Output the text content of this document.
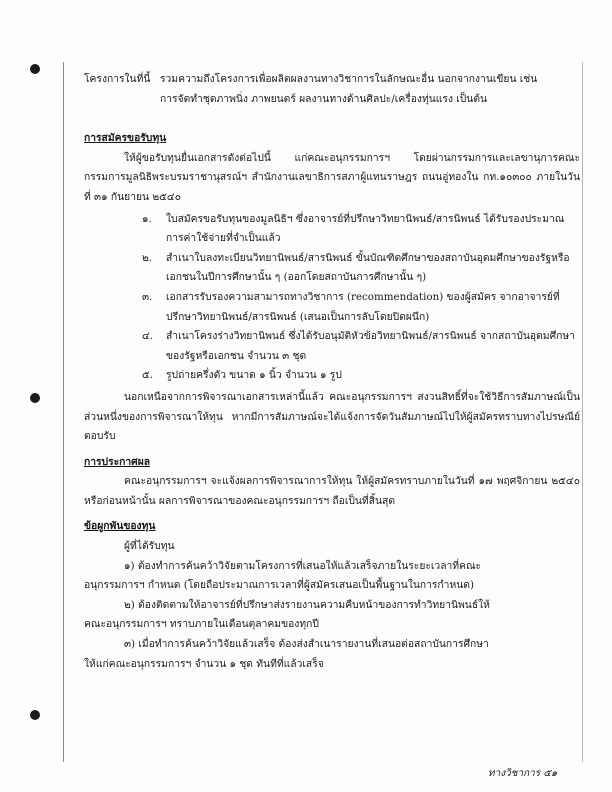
โครงการในที่นี้ รวมความถึงโครงการเพื่อผลิตผลงานทางวิชาการในลักษณะอื่น นอกจากงานเขียน เช่น
การจัดทำชุดภาพนิ่ง ภาพยนตร์ ผลงานทางด้านศิลปะ/เครื่องทุ่นแรง เป็นต้น

การสมัครขอรับทุน

ให้ผู้ขอรับทุนยื่นเอกสารดังต่อไปนี้ แก่คณะอนุกรรมการฯ โดยผ่านกรรมการและเลขานุการคณะกรรมการมูลนิธิพระบรมราชานุสรณ์ฯ สำนักงานเลขาธิการสภาผู้แทนราษฎร ถนนอู่ทองใน กท.๑๐๓๐๐ ภายในวันที่ ๓๑ กันยายน ๒๕๔๐

๑.	ใบสมัครขอรับทุนของมูลนิธิฯ ซึ่งอาจารย์ที่ปรึกษาวิทยานิพนธ์/สารนิพนธ์ ได้รับรองประมาณการค่าใช้จ่ายที่จำเป็นแล้ว
๒.	สำเนาใบลงทะเบียนวิทยานิพนธ์/สารนิพนธ์ ขั้นบัณฑิตศึกษาของสถาบันอุดมศึกษาของรัฐหรือเอกชนในปีการศึกษานั้น ๆ (ออกโดยสถาบันการศึกษานั้น ๆ)
๓.	เอกสารรับรองความสามารถทางวิชาการ (recommendation) ของผู้สมัคร จากอาจารย์ที่ปรึกษาวิทยานิพนธ์/สารนิพนธ์ (เสนอเป็นการลับโดยปิดผนึก)
๔.	สำเนาโครงร่างวิทยานิพนธ์ ซึ่งได้รับอนุมัติหัวข้อวิทยานิพนธ์/สารนิพนธ์ จากสถาบันอุดมศึกษาของรัฐหรือเอกชน จำนวน ๓ ชุด
๕.	รูปถ่ายครึ่งตัว ขนาด ๑ นิ้ว จำนวน ๑ รูป

นอกเหนือจากการพิจารณาเอกสารเหล่านี้แล้ว คณะอนุกรรมการฯ สงวนสิทธิ์ที่จะใช้วิธีการสัมภาษณ์เป็นส่วนหนึ่งของการพิจารณาให้ทุน หากมีการสัมภาษณ์จะได้แจ้งการจัดวันสัมภาษณ์ไปให้ผู้สมัครทราบทางไปรษณีย์ตอบรับ

การประกาศผล

คณะอนุกรรมการฯ จะแจ้งผลการพิจารณาการให้ทุน ให้ผู้สมัครทราบภายในวันที่ ๑๗ พฤศจิกายน ๒๕๔๐ หรือก่อนหน้านั้น ผลการพิจารณาของคณะอนุกรรมการฯ ถือเป็นที่สิ้นสุด

ข้อผูกพันของทุน

ผู้ที่ได้รับทุน

๑) ต้องทำการค้นคว้าวิจัยตามโครงการที่เสนอให้แล้วเสร็จภายในระยะเวลาที่คณะ
อนุกรรมการฯ กำหนด (โดยถือประมาณการเวลาที่ผู้สมัครเสนอเป็นพื้นฐานในการกำหนด)
๒) ต้องติดตามให้อาจารย์ที่ปรึกษาส่งรายงานความคืบหน้าของการทำวิทยานิพนธ์ให้
คณะอนุกรรมการฯ ทราบภายในเดือนตุลาคมของทุกปี
๓) เมื่อทำการค้นคว้าวิจัยแล้วเสร็จ ต้องส่งสำเนารายงานที่เสนอต่อสถาบันการศึกษา
ให้แก่คณะอนุกรรมการฯ จำนวน ๑ ชุด ทันทีที่แล้วเสร็จ
ทางวิชาการ ๕๑
